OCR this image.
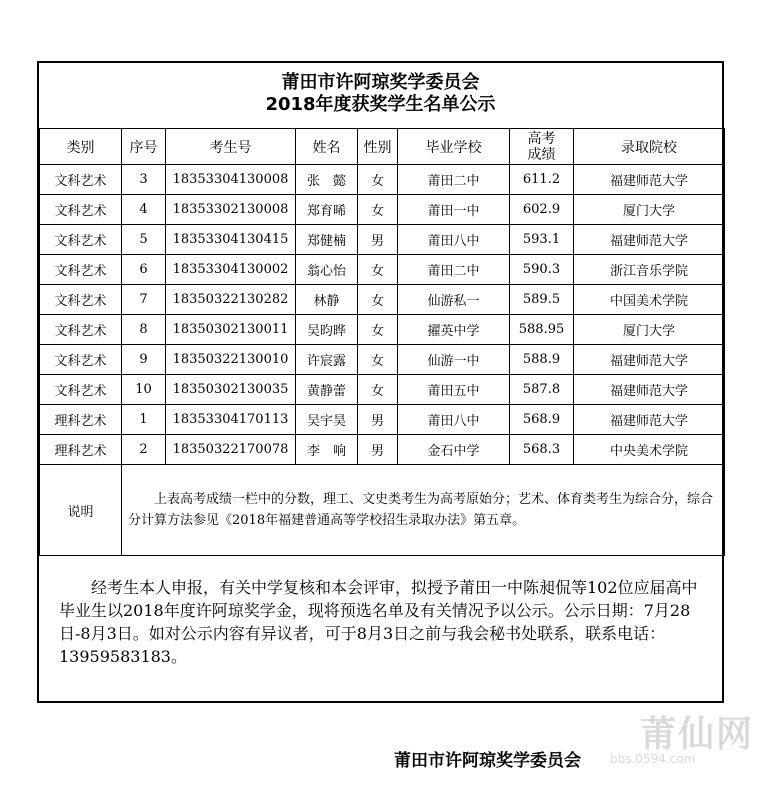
莆田市许阿琼奖学委员会
2018年度获奖学生名单公示
类别	序号	考生号	姓名	性别	毕业学校	高考成绩	录取院校
文科艺术	3	18353304130008	张　懿	女	莆田二中	611.2	福建师范大学
文科艺术	4	18353302130008	郑育晞	女	莆田一中	602.9	厦门大学
文科艺术	5	18353304130415	郑健楠	男	莆田八中	593.1	福建师范大学
文科艺术	6	18353304130002	翁心怡	女	莆田二中	590.3	浙江音乐学院
文科艺术	7	18350322130282	林静	女	仙游私一	589.5	中国美术学院
文科艺术	8	18350302130011	吴昀晔	女	擢英中学	588.95	厦门大学
文科艺术	9	18350322130010	许宸露	女	仙游一中	588.9	福建师范大学
文科艺术	10	18350302130035	黄静蕾	女	莆田五中	587.8	福建师范大学
理科艺术	1	18353304170113	吴宇昊	男	莆田八中	568.9	福建师范大学
理科艺术	2	18350322170078	李　响	男	金石中学	568.3	中央美术学院
说明	上表高考成绩一栏中的分数，理工、文史类考生为高考原始分；艺术、体育类考生为综合分，综合分计算方法参见《2018年福建普通高等学校招生录取办法》第五章。						
经考生本人申报，有关中学复核和本会评审，拟授予莆田一中陈昶侃等102位应届高中毕业生以2018年度许阿琼奖学金，现将预选名单及有关情况予以公示。公示日期：7月28日-8月3日。如对公示内容有异议者，可于8月3日之前与我会秘书处联系，联系电话：13959583183。
莆田市许阿琼奖学委员会
莆仙网
bbs.0594.com
